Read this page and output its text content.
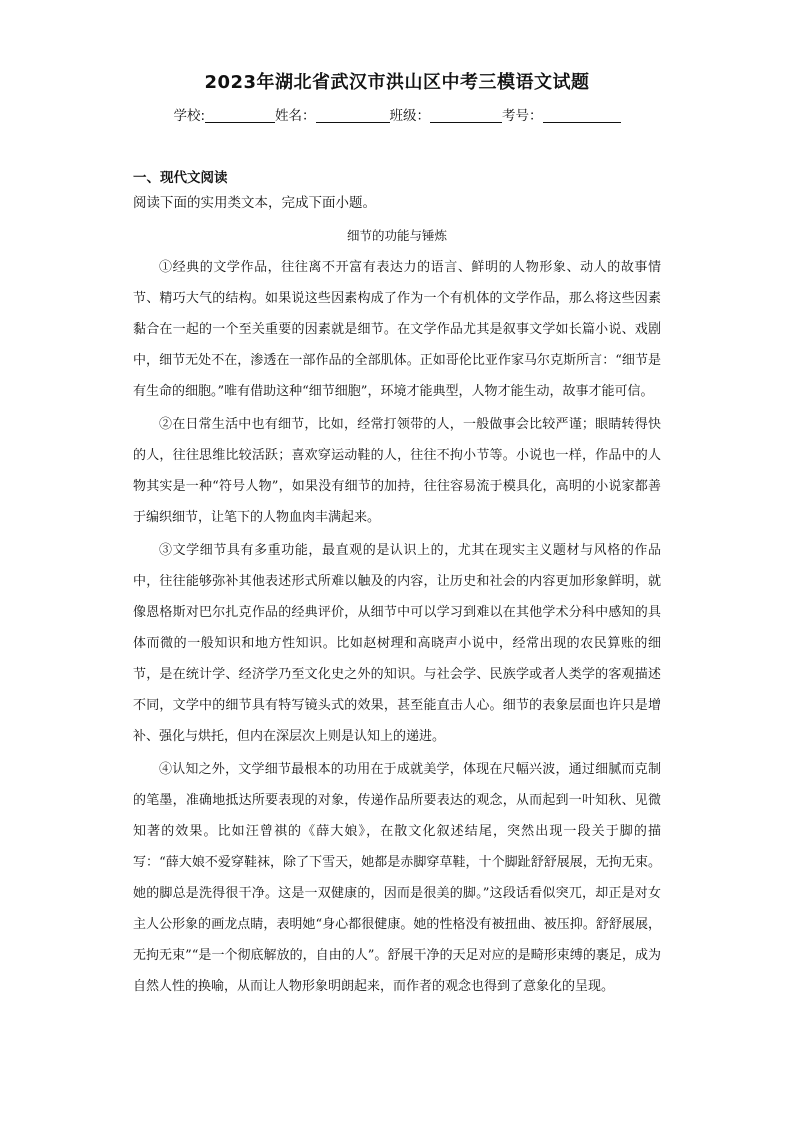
2023年湖北省武汉市洪山区中考三模语文试题
学校:	姓名：	班级：	考号：
一、现代文阅读
阅读下面的实用类文本，完成下面小题。
细节的功能与锤炼

①经典的文学作品，往往离不开富有表达力的语言、鲜明的人物形象、动人的故事情节、精巧大气的结构。如果说这些因素构成了作为一个有机体的文学作品，那么将这些因素黏合在一起的一个至关重要的因素就是细节。在文学作品尤其是叙事文学如长篇小说、戏剧中，细节无处不在，渗透在一部作品的全部肌体。正如哥伦比亚作家马尔克斯所言：“细节是有生命的细胞。”唯有借助这种“细节细胞”，环境才能典型，人物才能生动，故事才能可信。

②在日常生活中也有细节，比如，经常打领带的人，一般做事会比较严谨；眼睛转得快的人，往往思维比较活跃；喜欢穿运动鞋的人，往往不拘小节等。小说也一样，作品中的人物其实是一种“符号人物”，如果没有细节的加持，往往容易流于模具化，高明的小说家都善于编织细节，让笔下的人物血肉丰满起来。

③文学细节具有多重功能，最直观的是认识上的，尤其在现实主义题材与风格的作品中，往往能够弥补其他表述形式所难以触及的内容，让历史和社会的内容更加形象鲜明，就像恩格斯对巴尔扎克作品的经典评价，从细节中可以学习到难以在其他学术分科中感知的具体而微的一般知识和地方性知识。比如赵树理和高晓声小说中，经常出现的农民算账的细节，是在统计学、经济学乃至文化史之外的知识。与社会学、民族学或者人类学的客观描述不同，文学中的细节具有特写镜头式的效果，甚至能直击人心。细节的表象层面也许只是增补、强化与烘托，但内在深层次上则是认知上的递进。

④认知之外，文学细节最根本的功用在于成就美学，体现在尺幅兴波，通过细腻而克制的笔墨，准确地抵达所要表现的对象，传递作品所要表达的观念，从而起到一叶知秋、见微知著的效果。比如汪曾祺的《薛大娘》，在散文化叙述结尾，突然出现一段关于脚的描写：“薛大娘不爱穿鞋袜，除了下雪天，她都是赤脚穿草鞋，十个脚趾舒舒展展，无拘无束。她的脚总是洗得很干净。这是一双健康的，因而是很美的脚。”这段话看似突兀，却正是对女主人公形象的画龙点睛，表明她“身心都很健康。她的性格没有被扭曲、被压抑。舒舒展展，无拘无束”“是一个彻底解放的，自由的人”。舒展干净的天足对应的是畸形束缚的裹足，成为自然人性的换喻，从而让人物形象明朗起来，而作者的观念也得到了意象化的呈现。
